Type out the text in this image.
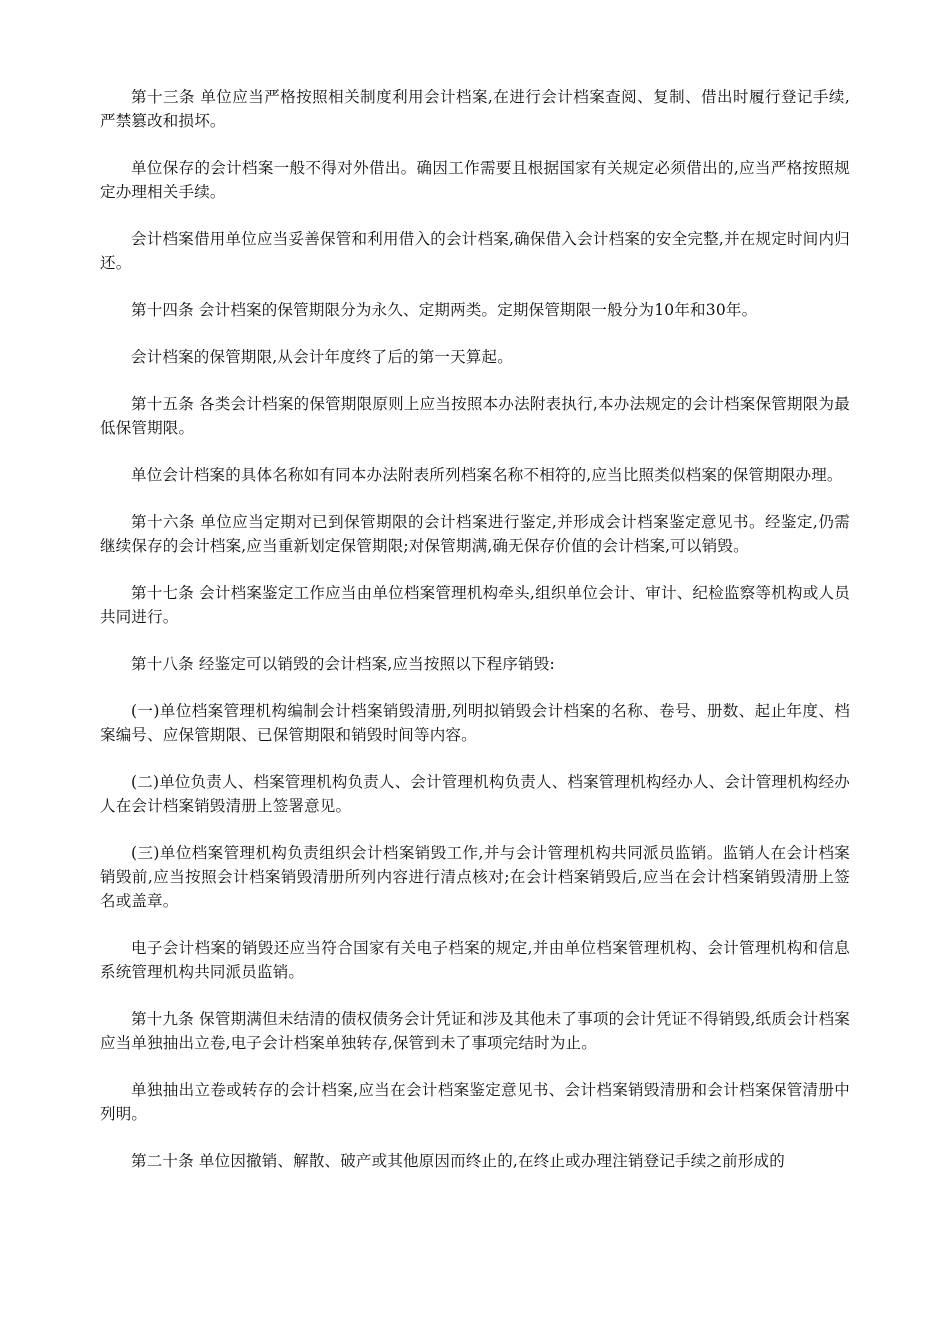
第十三条 单位应当严格按照相关制度利用会计档案,在进行会计档案查阅、复制、借出时履行登记手续,严禁篡改和损坏。

单位保存的会计档案一般不得对外借出。确因工作需要且根据国家有关规定必须借出的,应当严格按照规定办理相关手续。

会计档案借用单位应当妥善保管和利用借入的会计档案,确保借入会计档案的安全完整,并在规定时间内归还。

第十四条 会计档案的保管期限分为永久、定期两类。定期保管期限一般分为10年和30年。

会计档案的保管期限,从会计年度终了后的第一天算起。

第十五条 各类会计档案的保管期限原则上应当按照本办法附表执行,本办法规定的会计档案保管期限为最低保管期限。

单位会计档案的具体名称如有同本办法附表所列档案名称不相符的,应当比照类似档案的保管期限办理。

第十六条 单位应当定期对已到保管期限的会计档案进行鉴定,并形成会计档案鉴定意见书。经鉴定,仍需继续保存的会计档案,应当重新划定保管期限;对保管期满,确无保存价值的会计档案,可以销毁。

第十七条 会计档案鉴定工作应当由单位档案管理机构牵头,组织单位会计、审计、纪检监察等机构或人员共同进行。

第十八条 经鉴定可以销毁的会计档案,应当按照以下程序销毁:

(一)单位档案管理机构编制会计档案销毁清册,列明拟销毁会计档案的名称、卷号、册数、起止年度、档案编号、应保管期限、已保管期限和销毁时间等内容。

(二)单位负责人、档案管理机构负责人、会计管理机构负责人、档案管理机构经办人、会计管理机构经办人在会计档案销毁清册上签署意见。

(三)单位档案管理机构负责组织会计档案销毁工作,并与会计管理机构共同派员监销。监销人在会计档案销毁前,应当按照会计档案销毁清册所列内容进行清点核对;在会计档案销毁后,应当在会计档案销毁清册上签名或盖章。

电子会计档案的销毁还应当符合国家有关电子档案的规定,并由单位档案管理机构、会计管理机构和信息系统管理机构共同派员监销。

第十九条 保管期满但未结清的债权债务会计凭证和涉及其他未了事项的会计凭证不得销毁,纸质会计档案应当单独抽出立卷,电子会计档案单独转存,保管到未了事项完结时为止。

单独抽出立卷或转存的会计档案,应当在会计档案鉴定意见书、会计档案销毁清册和会计档案保管清册中列明。

第二十条 单位因撤销、解散、破产或其他原因而终止的,在终止或办理注销登记手续之前形成的
